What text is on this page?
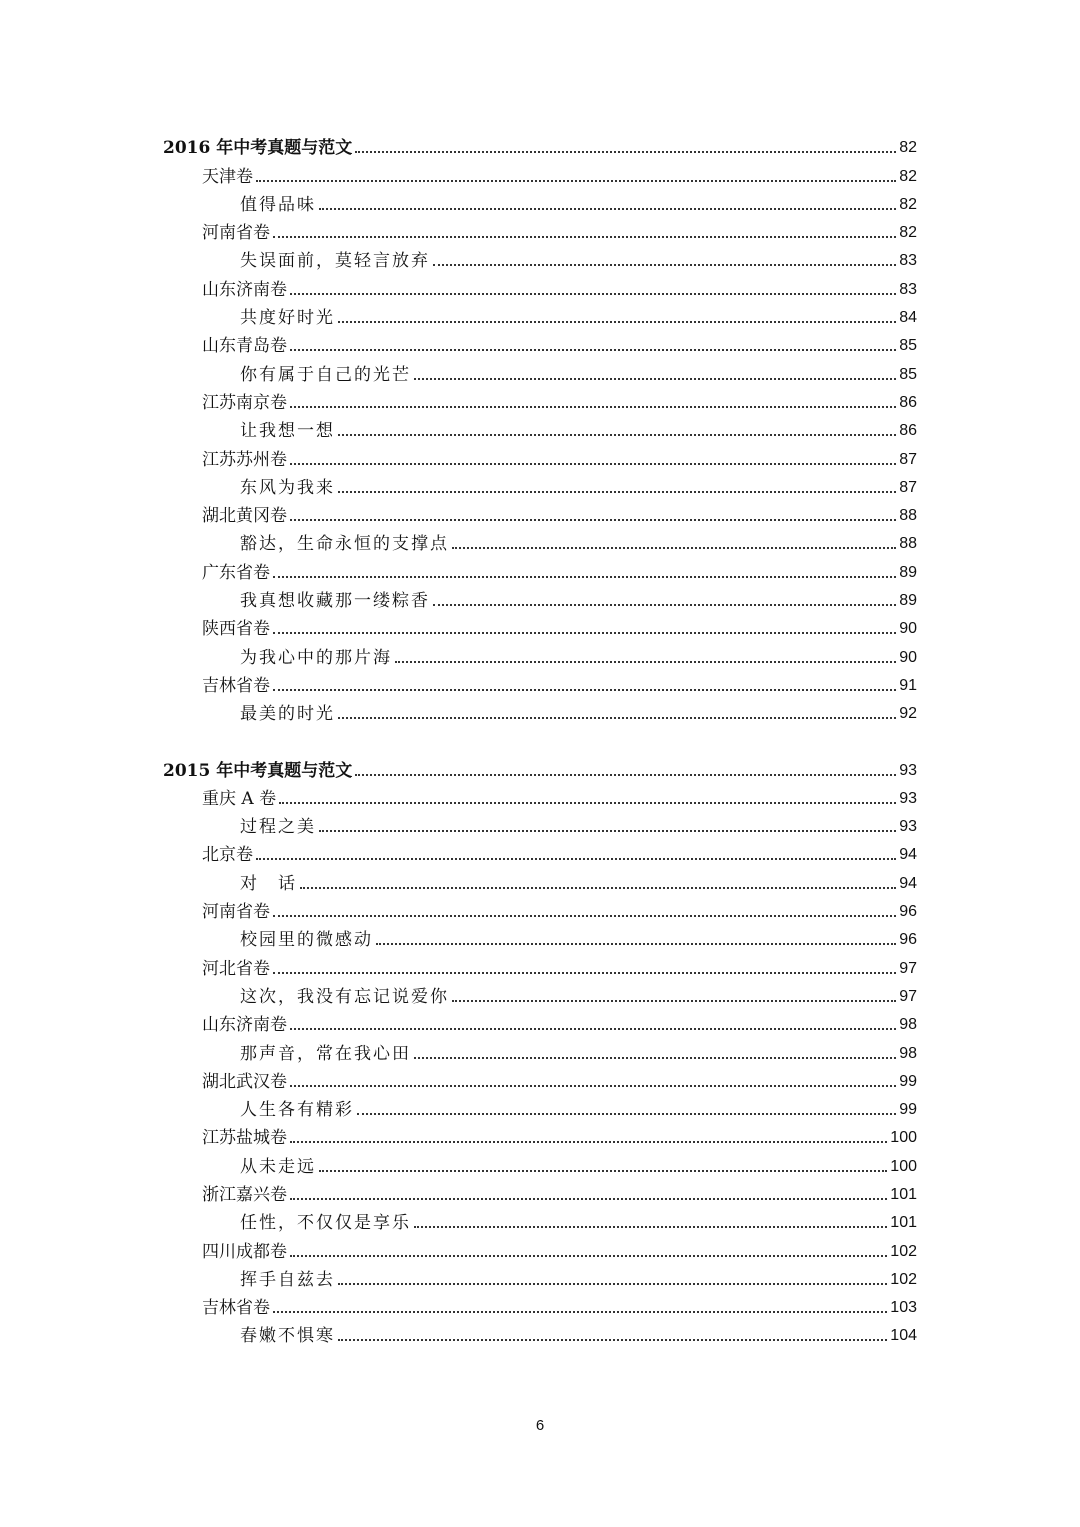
2016 年中考真题与范文	82
天津卷	82
值得品味	82
河南省卷	82
失误面前，莫轻言放弃	83
山东济南卷	83
共度好时光	84
山东青岛卷	85
你有属于自己的光芒	85
江苏南京卷	86
让我想一想	86
江苏苏州卷	87
东风为我来	87
湖北黄冈卷	88
豁达，生命永恒的支撑点	88
广东省卷	89
我真想收藏那一缕粽香	89
陕西省卷	90
为我心中的那片海	90
吉林省卷	91
最美的时光	92
2015 年中考真题与范文	93
重庆 A 卷	93
过程之美	93
北京卷	94
对　话	94
河南省卷	96
校园里的微感动	96
河北省卷	97
这次，我没有忘记说爱你	97
山东济南卷	98
那声音，常在我心田	98
湖北武汉卷	99
人生各有精彩	99
江苏盐城卷	100
从未走远	100
浙江嘉兴卷	101
任性，不仅仅是享乐	101
四川成都卷	102
挥手自兹去	102
吉林省卷	103
春嫩不惧寒	104
6
